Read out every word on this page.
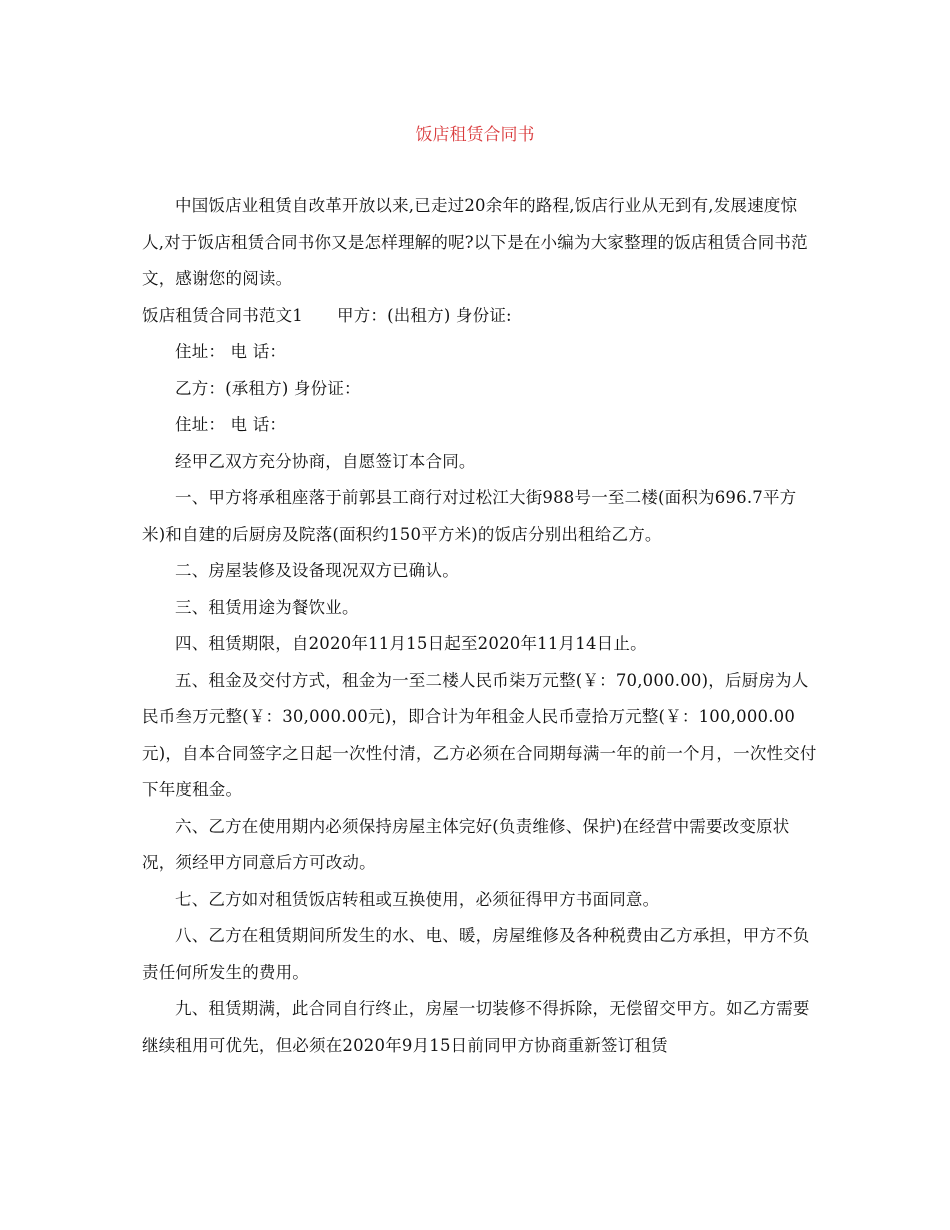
饭店租赁合同书

中国饭店业租赁自改革开放以来,已走过20余年的路程,饭店行业从无到有,发展速度惊人,对于饭店租赁合同书你又是怎样理解的呢?以下是在小编为大家整理的饭店租赁合同书范文，感谢您的阅读。

饭店租赁合同书范文1 甲方：(出租方) 身份证:

住址： 电 话：

乙方：(承租方) 身份证：

住址： 电 话：

经甲乙双方充分协商，自愿签订本合同。

一、甲方将承租座落于前郭县工商行对过松江大街988号一至二楼(面积为696.7平方米)和自建的后厨房及院落(面积约150平方米)的饭店分别出租给乙方。

二、房屋装修及设备现况双方已确认。

三、租赁用途为餐饮业。

四、租赁期限，自2020年11月15日起至2020年11月14日止。

五、租金及交付方式，租金为一至二楼人民币柒万元整(￥：70,000.00)，后厨房为人民币叁万元整(￥：30,000.00元)，即合计为年租金人民币壹拾万元整(￥：100,000.00元)，自本合同签字之日起一次性付清，乙方必须在合同期每满一年的前一个月，一次性交付下年度租金。

六、乙方在使用期内必须保持房屋主体完好(负责维修、保护)在经营中需要改变原状况，须经甲方同意后方可改动。

七、乙方如对租赁饭店转租或互换使用，必须征得甲方书面同意。

八、乙方在租赁期间所发生的水、电、暖，房屋维修及各种税费由乙方承担，甲方不负责任何所发生的费用。

九、租赁期满，此合同自行终止，房屋一切装修不得拆除，无偿留交甲方。如乙方需要继续租用可优先，但必须在2020年9月15日前同甲方协商重新签订租赁
